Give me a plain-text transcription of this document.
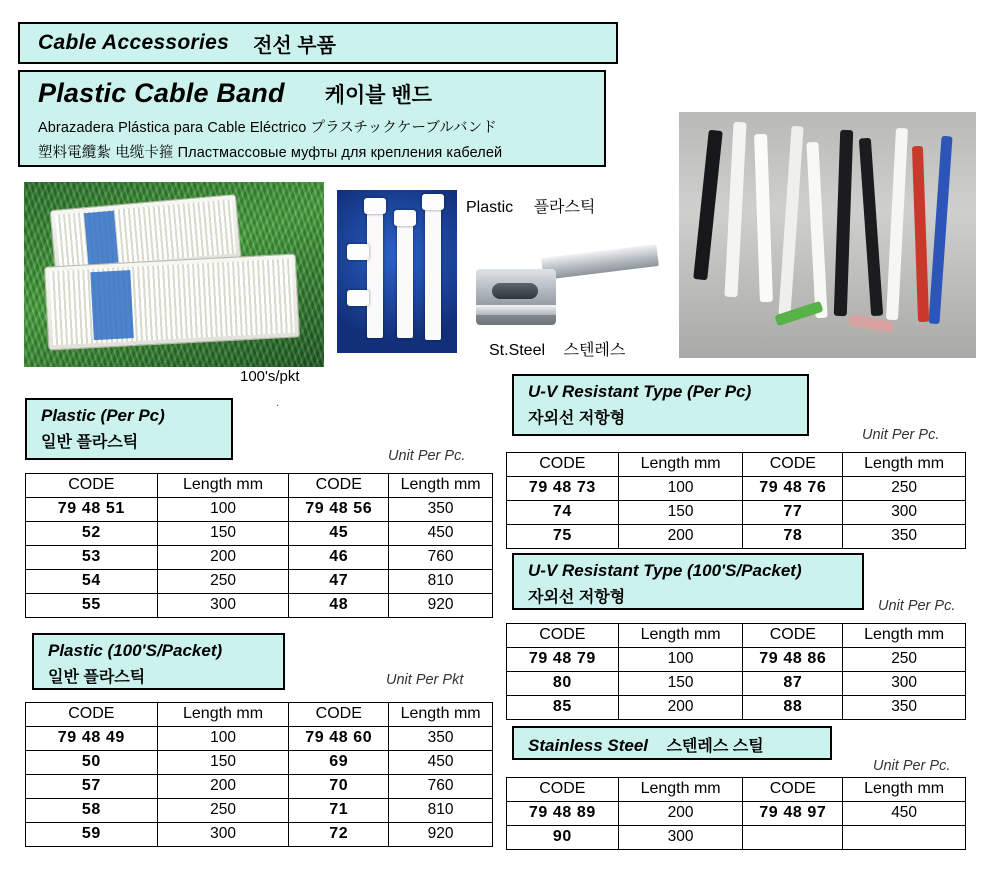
Cable Accessories 전선 부품
Plastic Cable Band 케이블 밴드
Abrazadera Plástica para Cable Eléctrico プラスチックケーブルバンド
塑料電纜紮 电缆卡箍 Пластмассовые муфты для крепления кабелей
Plastic 플라스틱
St.Steel 스텐레스
100's/pkt
.
Plastic (Per Pc)
일반 플라스틱
Unit Per Pc.
CODE	Length mm	CODE	Length mm
79 48 51	100	79 48 56	350
52	150	45	450
53	200	46	760
54	250	47	810
55	300	48	920
Plastic (100'S/Packet)
일반 플라스틱	Unit Per Pkt
CODE	Length mm	CODE	Length mm
79 48 49	100	79 48 60	350
50	150	69	450
57	200	70	760
58	250	71	810
59	300	72	920
U-V Resistant Type (Per Pc)
자외선 저항형
Unit Per Pc.
CODE	Length mm	CODE	Length mm
79 48 73	100	79 48 76	250
74	150	77	300
75	200	78	350
U-V Resistant Type (100'S/Packet)
자외선 저항형	Unit Per Pc.
CODE	Length mm	CODE	Length mm
79 48 79	100	79 48 86	250
80	150	87	300
85	200	88	350
Stainless Steel 스텐레스 스틸
Unit Per Pc.
CODE	Length mm	CODE	Length mm
79 48 89	200	79 48 97	450
90	300		
